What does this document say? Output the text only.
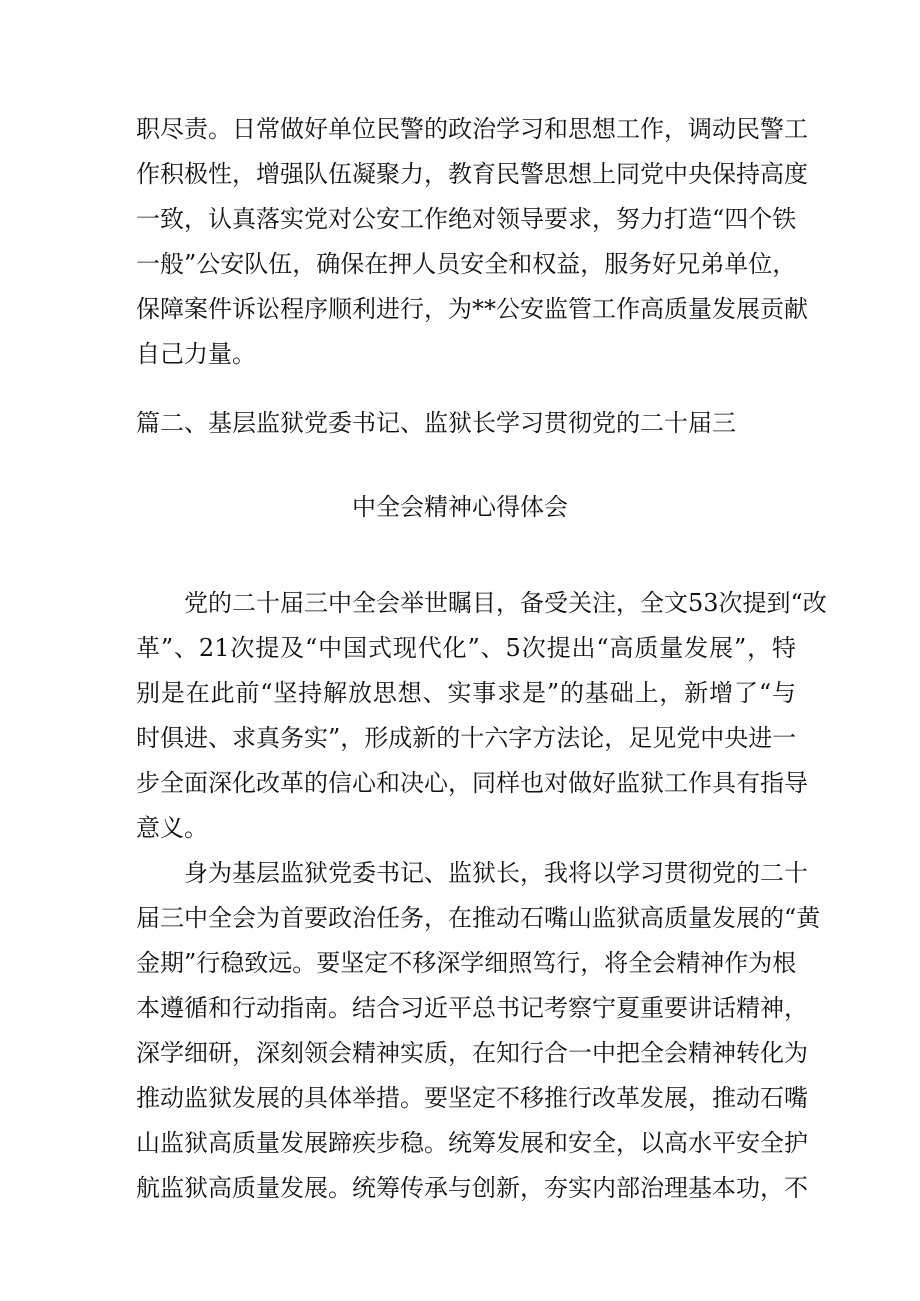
职尽责。日常做好单位民警的政治学习和思想工作，调动民警工

作积极性，增强队伍凝聚力，教育民警思想上同党中央保持高度

一致，认真落实党对公安工作绝对领导要求，努力打造“四个铁

一般”公安队伍，确保在押人员安全和权益，服务好兄弟单位，

保障案件诉讼程序顺利进行，为**公安监管工作高质量发展贡献

自己力量。

篇二、基层监狱党委书记、监狱长学习贯彻党的二十届三
中全会精神心得体会

党的二十届三中全会举世瞩目，备受关注，全文53次提到“改

革”、21次提及“中国式现代化”、5次提出“高质量发展”，特

别是在此前“坚持解放思想、实事求是”的基础上，新增了“与

时俱进、求真务实”，形成新的十六字方法论，足见党中央进一

步全面深化改革的信心和决心，同样也对做好监狱工作具有指导

意义。

身为基层监狱党委书记、监狱长，我将以学习贯彻党的二十

届三中全会为首要政治任务，在推动石嘴山监狱高质量发展的“黄

金期”行稳致远。要坚定不移深学细照笃行，将全会精神作为根

本遵循和行动指南。结合习近平总书记考察宁夏重要讲话精神，

深学细研，深刻领会精神实质，在知行合一中把全会精神转化为

推动监狱发展的具体举措。要坚定不移推行改革发展，推动石嘴

山监狱高质量发展蹄疾步稳。统筹发展和安全，以高水平安全护

航监狱高质量发展。统筹传承与创新，夯实内部治理基本功，不
